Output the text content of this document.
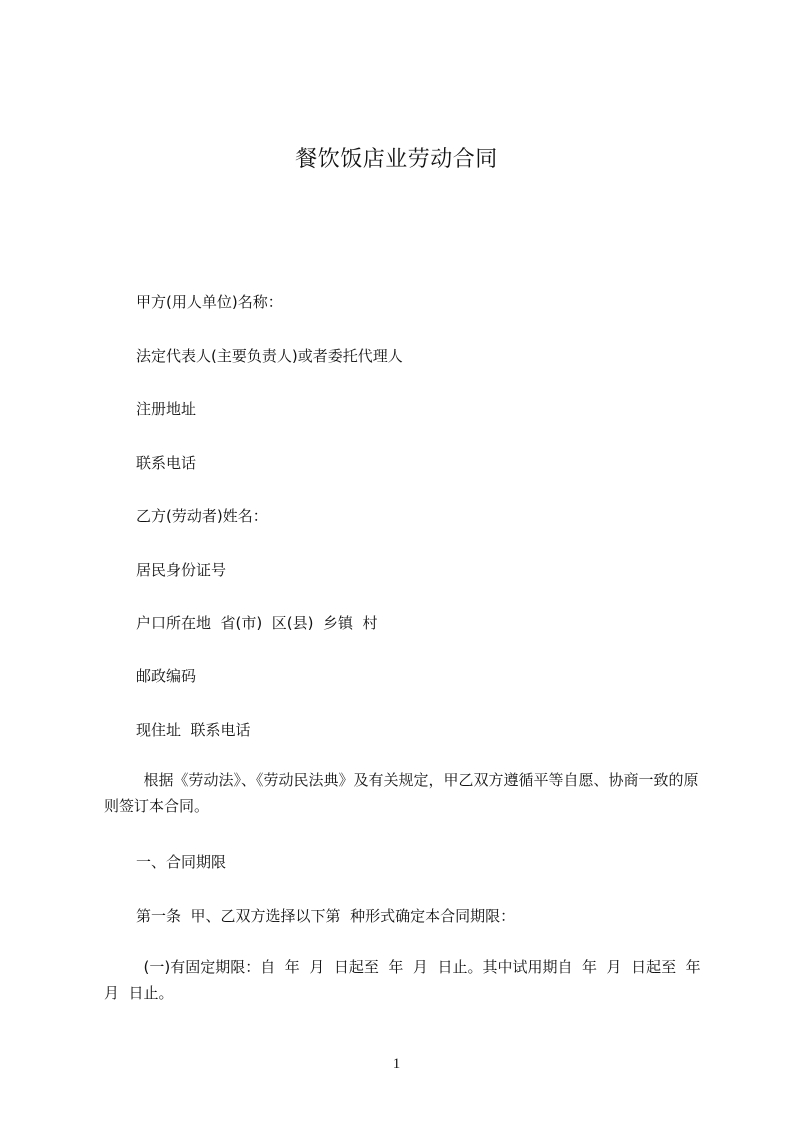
餐饮饭店业劳动合同

甲方(用人单位)名称：

法定代表人(主要负责人)或者委托代理人

注册地址

联系电话

乙方(劳动者)姓名：

居民身份证号

户口所在地  省(市)  区(县)  乡镇  村

邮政编码

现住址  联系电话

根据《劳动法》、《劳动民法典》及有关规定，甲乙双方遵循平等自愿、协商一致的原则签订本合同。

一、合同期限

第一条  甲、乙双方选择以下第  种形式确定本合同期限：

(一)有固定期限：自  年  月  日起至  年  月  日止。其中试用期自  年  月  日起至  年  月  日止。

1
